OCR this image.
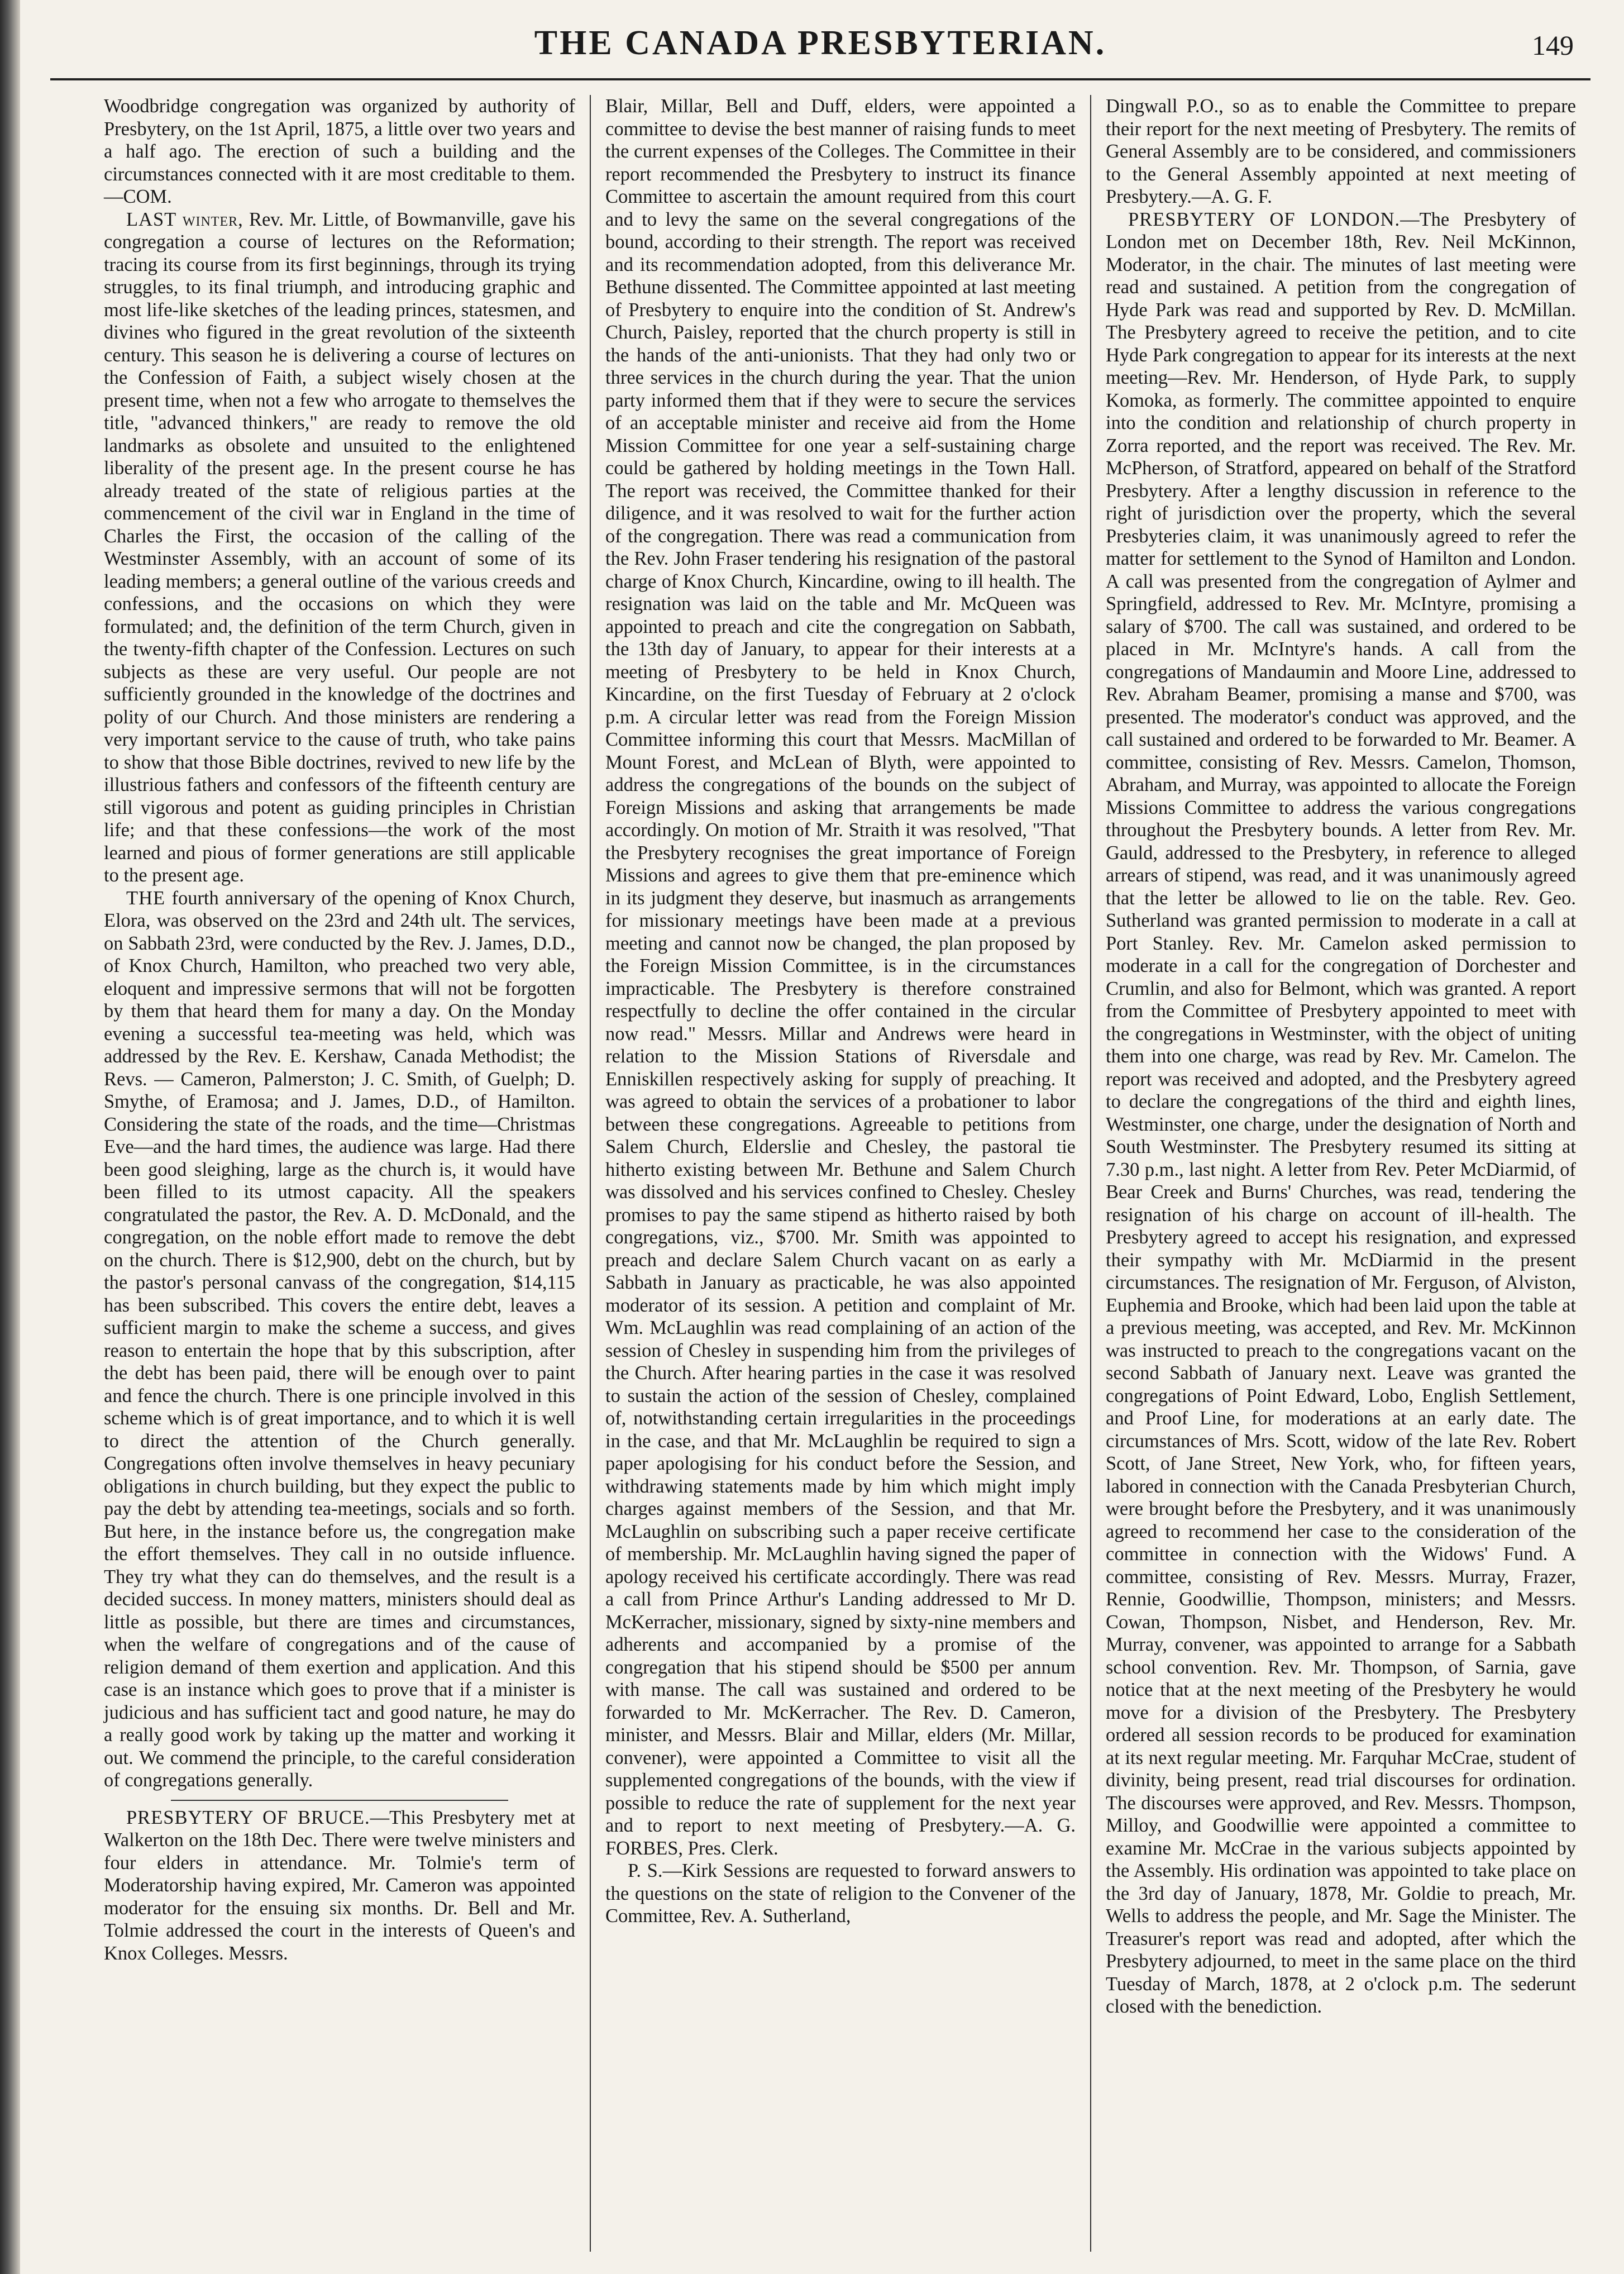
THE CANADA PRESBYTERIAN.	149

Woodbridge congregation was organized by authority of Presbytery, on the 1st April, 1875, a little over two years and a half ago. The erection of such a building and the circumstances connected with it are most creditable to them.—COM.

LAST winter, Rev. Mr. Little, of Bowmanville, gave his congregation a course of lectures on the Reformation; tracing its course from its first beginnings, through its trying struggles, to its final triumph, and introducing graphic and most life-like sketches of the leading princes, statesmen, and divines who figured in the great revolution of the sixteenth century. This season he is delivering a course of lectures on the Confession of Faith, a subject wisely chosen at the present time, when not a few who arrogate to themselves the title, "advanced thinkers," are ready to remove the old landmarks as obsolete and unsuited to the enlightened liberality of the present age. In the present course he has already treated of the state of religious parties at the commencement of the civil war in England in the time of Charles the First, the occasion of the calling of the Westminster Assembly, with an account of some of its leading members; a general outline of the various creeds and confessions, and the occasions on which they were formulated; and, the definition of the term Church, given in the twenty-fifth chapter of the Confession. Lectures on such subjects as these are very useful. Our people are not sufficiently grounded in the knowledge of the doctrines and polity of our Church. And those ministers are rendering a very important service to the cause of truth, who take pains to show that those Bible doctrines, revived to new life by the illustrious fathers and confessors of the fifteenth century are still vigorous and potent as guiding principles in Christian life; and that these confessions—the work of the most learned and pious of former generations are still applicable to the present age.

THE fourth anniversary of the opening of Knox Church, Elora, was observed on the 23rd and 24th ult. The services, on Sabbath 23rd, were conducted by the Rev. J. James, D.D., of Knox Church, Hamilton, who preached two very able, eloquent and impressive sermons that will not be forgotten by them that heard them for many a day. On the Monday evening a successful tea-meeting was held, which was addressed by the Rev. E. Kershaw, Canada Methodist; the Revs. — Cameron, Palmerston; J. C. Smith, of Guelph; D. Smythe, of Eramosa; and J. James, D.D., of Hamilton. Considering the state of the roads, and the time—Christmas Eve—and the hard times, the audience was large. Had there been good sleighing, large as the church is, it would have been filled to its utmost capacity. All the speakers congratulated the pastor, the Rev. A. D. McDonald, and the congregation, on the noble effort made to remove the debt on the church. There is $12,900, debt on the church, but by the pastor's personal canvass of the congregation, $14,115 has been subscribed. This covers the entire debt, leaves a sufficient margin to make the scheme a success, and gives reason to entertain the hope that by this subscription, after the debt has been paid, there will be enough over to paint and fence the church. There is one principle involved in this scheme which is of great importance, and to which it is well to direct the attention of the Church generally. Congregations often involve themselves in heavy pecuniary obligations in church building, but they expect the public to pay the debt by attending tea-meetings, socials and so forth. But here, in the instance before us, the congregation make the effort themselves. They call in no outside influence. They try what they can do themselves, and the result is a decided success. In money matters, ministers should deal as little as possible, but there are times and circumstances, when the welfare of congregations and of the cause of religion demand of them exertion and application. And this case is an instance which goes to prove that if a minister is judicious and has sufficient tact and good nature, he may do a really good work by taking up the matter and working it out. We commend the principle, to the careful consideration of congregations generally.

PRESBYTERY OF BRUCE.—This Presbytery met at Walkerton on the 18th Dec. There were twelve ministers and four elders in attendance. Mr. Tolmie's term of Moderatorship having expired, Mr. Cameron was appointed moderator for the ensuing six months. Dr. Bell and Mr. Tolmie addressed the court in the interests of Queen's and Knox Colleges. Messrs.

Blair, Millar, Bell and Duff, elders, were appointed a committee to devise the best manner of raising funds to meet the current expenses of the Colleges. The Committee in their report recommended the Presbytery to instruct its finance Committee to ascertain the amount required from this court and to levy the same on the several congregations of the bound, according to their strength. The report was received and its recommendation adopted, from this deliverance Mr. Bethune dissented. The Committee appointed at last meeting of Presbytery to enquire into the condition of St. Andrew's Church, Paisley, reported that the church property is still in the hands of the anti-unionists. That they had only two or three services in the church during the year. That the union party informed them that if they were to secure the services of an acceptable minister and receive aid from the Home Mission Committee for one year a self-sustaining charge could be gathered by holding meetings in the Town Hall. The report was received, the Committee thanked for their diligence, and it was resolved to wait for the further action of the congregation. There was read a communication from the Rev. John Fraser tendering his resignation of the pastoral charge of Knox Church, Kincardine, owing to ill health. The resignation was laid on the table and Mr. McQueen was appointed to preach and cite the congregation on Sabbath, the 13th day of January, to appear for their interests at a meeting of Presbytery to be held in Knox Church, Kincardine, on the first Tuesday of February at 2 o'clock p.m. A circular letter was read from the Foreign Mission Committee informing this court that Messrs. MacMillan of Mount Forest, and McLean of Blyth, were appointed to address the congregations of the bounds on the subject of Foreign Missions and asking that arrangements be made accordingly. On motion of Mr. Straith it was resolved, "That the Presbytery recognises the great importance of Foreign Missions and agrees to give them that pre-eminence which in its judgment they deserve, but inasmuch as arrangements for missionary meetings have been made at a previous meeting and cannot now be changed, the plan proposed by the Foreign Mission Committee, is in the circumstances impracticable. The Presbytery is therefore constrained respectfully to decline the offer contained in the circular now read." Messrs. Millar and Andrews were heard in relation to the Mission Stations of Riversdale and Enniskillen respectively asking for supply of preaching. It was agreed to obtain the services of a probationer to labor between these congregations. Agreeable to petitions from Salem Church, Elderslie and Chesley, the pastoral tie hitherto existing between Mr. Bethune and Salem Church was dissolved and his services confined to Chesley. Chesley promises to pay the same stipend as hitherto raised by both congregations, viz., $700. Mr. Smith was appointed to preach and declare Salem Church vacant on as early a Sabbath in January as practicable, he was also appointed moderator of its session. A petition and complaint of Mr. Wm. McLaughlin was read complaining of an action of the session of Chesley in suspending him from the privileges of the Church. After hearing parties in the case it was resolved to sustain the action of the session of Chesley, complained of, notwithstanding certain irregularities in the proceedings in the case, and that Mr. McLaughlin be required to sign a paper apologising for his conduct before the Session, and withdrawing statements made by him which might imply charges against members of the Session, and that Mr. McLaughlin on subscribing such a paper receive certificate of membership. Mr. McLaughlin having signed the paper of apology received his certificate accordingly. There was read a call from Prince Arthur's Landing addressed to Mr D. McKerracher, missionary, signed by sixty-nine members and adherents and accompanied by a promise of the congregation that his stipend should be $500 per annum with manse. The call was sustained and ordered to be forwarded to Mr. McKerracher. The Rev. D. Cameron, minister, and Messrs. Blair and Millar, elders (Mr. Millar, convener), were appointed a Committee to visit all the supplemented congregations of the bounds, with the view if possible to reduce the rate of supplement for the next year and to report to next meeting of Presbytery.—A. G. FORBES, Pres. Clerk.

P. S.—Kirk Sessions are requested to forward answers to the questions on the state of religion to the Convener of the Committee, Rev. A. Sutherland,

Dingwall P.O., so as to enable the Committee to prepare their report for the next meeting of Presbytery. The remits of General Assembly are to be considered, and commissioners to the General Assembly appointed at next meeting of Presbytery.—A. G. F.

PRESBYTERY OF LONDON.—The Presbytery of London met on December 18th, Rev. Neil McKinnon, Moderator, in the chair. The minutes of last meeting were read and sustained. A petition from the congregation of Hyde Park was read and supported by Rev. D. McMillan. The Presbytery agreed to receive the petition, and to cite Hyde Park congregation to appear for its interests at the next meeting—Rev. Mr. Henderson, of Hyde Park, to supply Komoka, as formerly. The committee appointed to enquire into the condition and relationship of church property in Zorra reported, and the report was received. The Rev. Mr. McPherson, of Stratford, appeared on behalf of the Stratford Presbytery. After a lengthy discussion in reference to the right of jurisdiction over the property, which the several Presbyteries claim, it was unanimously agreed to refer the matter for settlement to the Synod of Hamilton and London. A call was presented from the congregation of Aylmer and Springfield, addressed to Rev. Mr. McIntyre, promising a salary of $700. The call was sustained, and ordered to be placed in Mr. McIntyre's hands. A call from the congregations of Mandaumin and Moore Line, addressed to Rev. Abraham Beamer, promising a manse and $700, was presented. The moderator's conduct was approved, and the call sustained and ordered to be forwarded to Mr. Beamer. A committee, consisting of Rev. Messrs. Camelon, Thomson, Abraham, and Murray, was appointed to allocate the Foreign Missions Committee to address the various congregations throughout the Presbytery bounds. A letter from Rev. Mr. Gauld, addressed to the Presbytery, in reference to alleged arrears of stipend, was read, and it was unanimously agreed that the letter be allowed to lie on the table. Rev. Geo. Sutherland was granted permission to moderate in a call at Port Stanley. Rev. Mr. Camelon asked permission to moderate in a call for the congregation of Dorchester and Crumlin, and also for Belmont, which was granted. A report from the Committee of Presbytery appointed to meet with the congregations in Westminster, with the object of uniting them into one charge, was read by Rev. Mr. Camelon. The report was received and adopted, and the Presbytery agreed to declare the congregations of the third and eighth lines, Westminster, one charge, under the designation of North and South Westminster. The Presbytery resumed its sitting at 7.30 p.m., last night. A letter from Rev. Peter McDiarmid, of Bear Creek and Burns' Churches, was read, tendering the resignation of his charge on account of ill-health. The Presbytery agreed to accept his resignation, and expressed their sympathy with Mr. McDiarmid in the present circumstances. The resignation of Mr. Ferguson, of Alviston, Euphemia and Brooke, which had been laid upon the table at a previous meeting, was accepted, and Rev. Mr. McKinnon was instructed to preach to the congregations vacant on the second Sabbath of January next. Leave was granted the congregations of Point Edward, Lobo, English Settlement, and Proof Line, for moderations at an early date. The circumstances of Mrs. Scott, widow of the late Rev. Robert Scott, of Jane Street, New York, who, for fifteen years, labored in connection with the Canada Presbyterian Church, were brought before the Presbytery, and it was unanimously agreed to recommend her case to the consideration of the committee in connection with the Widows' Fund. A committee, consisting of Rev. Messrs. Murray, Frazer, Rennie, Goodwillie, Thompson, ministers; and Messrs. Cowan, Thompson, Nisbet, and Henderson, Rev. Mr. Murray, convener, was appointed to arrange for a Sabbath school convention. Rev. Mr. Thompson, of Sarnia, gave notice that at the next meeting of the Presbytery he would move for a division of the Presbytery. The Presbytery ordered all session records to be produced for examination at its next regular meeting. Mr. Farquhar McCrae, student of divinity, being present, read trial discourses for ordination. The discourses were approved, and Rev. Messrs. Thompson, Milloy, and Goodwillie were appointed a committee to examine Mr. McCrae in the various subjects appointed by the Assembly. His ordination was appointed to take place on the 3rd day of January, 1878, Mr. Goldie to preach, Mr. Wells to address the people, and Mr. Sage the Minister. The Treasurer's report was read and adopted, after which the Presbytery adjourned, to meet in the same place on the third Tuesday of March, 1878, at 2 o'clock p.m. The sederunt closed with the benediction.
